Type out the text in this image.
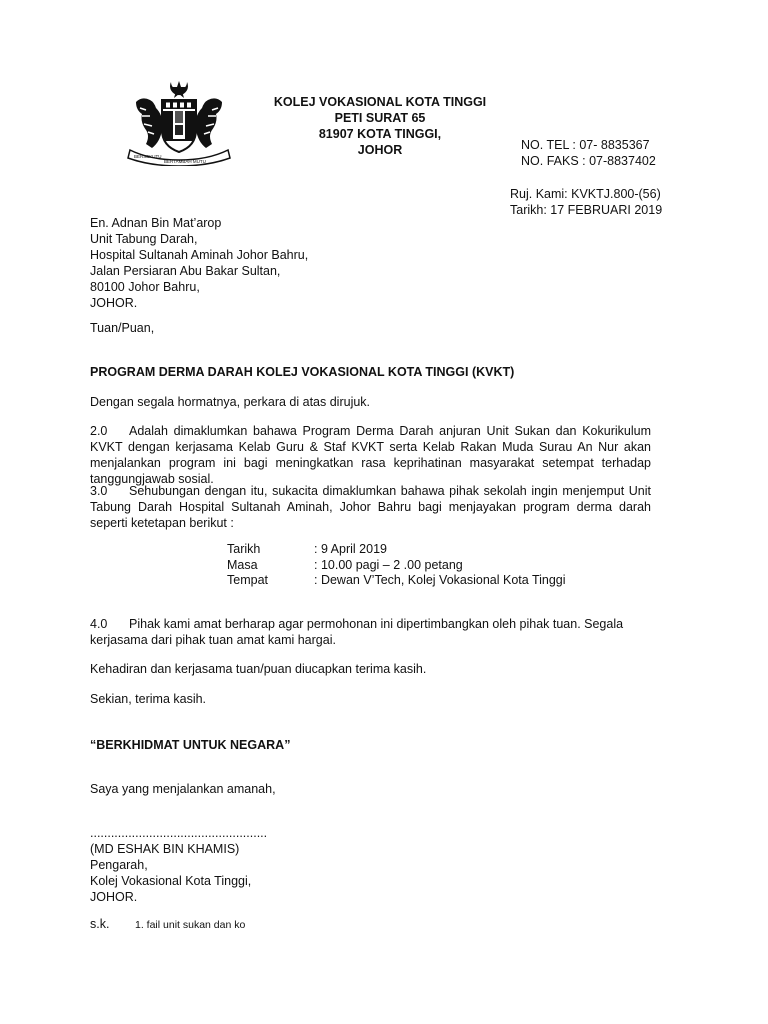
BERSEKUTU
BERTAMBAH MUTU
KOLEJ VOKASIONAL KOTA TINGGI
PETI SURAT 65
81907 KOTA TINGGI,
JOHOR	NO. TEL : 07- 8835367
NO. FAKS : 07-8837402
Ruj. Kami: KVKTJ.800-(56)
Tarikh: 17 FEBRUARI 2019
En. Adnan Bin Mat’arop
Unit Tabung Darah,
Hospital Sultanah Aminah Johor Bahru,
Jalan Persiaran Abu Bakar Sultan,
80100 Johor Bahru,
JOHOR.
Tuan/Puan,
PROGRAM DERMA DARAH KOLEJ VOKASIONAL KOTA TINGGI (KVKT)
Dengan segala hormatnya, perkara di atas dirujuk.
2.0 Adalah dimaklumkan bahawa Program Derma Darah anjuran Unit Sukan dan Kokurikulum KVKT dengan kerjasama Kelab Guru & Staf KVKT serta Kelab Rakan Muda Surau An Nur akan menjalankan program ini bagi meningkatkan rasa keprihatinan masyarakat setempat terhadap tanggungjawab sosial.
3.0 Sehubungan dengan itu, sukacita dimaklumkan bahawa pihak sekolah ingin menjemput Unit Tabung Darah Hospital Sultanah Aminah, Johor Bahru bagi menjayakan program derma darah seperti ketetapan berikut :
Tarikh	: 9 April 2019
Masa	: 10.00 pagi – 2 .00 petang
Tempat	: Dewan V’Tech, Kolej Vokasional Kota Tinggi
4.0 Pihak kami amat berharap agar permohonan ini dipertimbangkan oleh pihak tuan. Segala kerjasama dari pihak tuan amat kami hargai.
Kehadiran dan kerjasama tuan/puan diucapkan terima kasih.
Sekian, terima kasih.
“BERKHIDMAT UNTUK NEGARA”
Saya yang menjalankan amanah,
...................................................
(MD ESHAK BIN KHAMIS)
Pengarah,
Kolej Vokasional Kota Tinggi,
JOHOR.
s.k. 1. fail unit sukan dan ko
